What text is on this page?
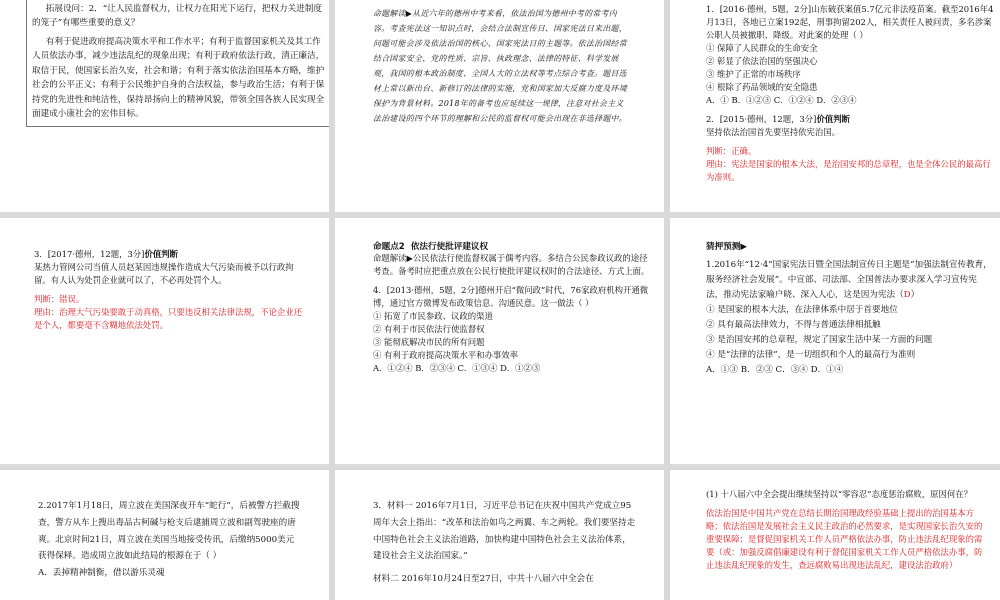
拓展设问：2．“让人民监督权力，让权力在阳光下运行，把权力关进制度的笼子”有哪些重要的意义？

有利于促进政府提高决策水平和工作水平；有利于监督国家机关及其工作人员依法办事，减少违法乱纪的现象出现；有利于政府依法行政，清正廉洁，取信于民，使国家长治久安，社会和谐；有利于落实依法治国基本方略，维护社会的公平正义；有利于公民维护自身的合法权益，参与政治生活；有利于保持党的先进性和纯洁性，保持昂扬向上的精神风貌，带领全国各族人民实现全面建成小康社会的宏伟目标。

命题解读▶从近六年的德州中考来看，依法治国为德州中考的常考内容。考查宪法这一知识点时，会结合法制宣传日、国家宪法日来出题，问题可能会涉及依法治国的核心、国家宪法日的主题等。依法治国经常结合国家安全、党的性质、宗旨、执政理念、法律的特征、科学发展观，我国的根本政治制度、全国人大的立法权等考点综合考查。题目选材上常以新出台、新修订的法律的实施，党和国家加大反腐力度及环境保护为背景材料。2018年的备考也应延续这一规律，注意对社会主义法治建设的四个环节的理解和公民的监督权可能会出现在非选择题中。

1．[2016·德州，5题，2分]山东破获案值5.7亿元非法疫苗案。截至2016年4月13日，各地已立案192起，刑事拘留202人，相关责任人被问责，多名涉案公职人员被撤职、降级。对此案的处理（ ）

① 保障了人民群众的生命安全

② 彰显了依法治国的坚强决心

③ 维护了正常的市场秩序

④ 根除了药品领域的安全隐患

A．① B．①②③ C．①②④ D．②③④

2．[2015·德州，12题，3分]价值判断

坚持依法治国首先要坚持依宪治国。

判断：正确。

理由：宪法是国家的根本大法，是治国安邦的总章程，也是全体公民的最高行为准则。

3．[2017·德州，12题，3分]价值判断

某热力管网公司当值人员赵某因违规操作造成大气污染而被予以行政拘留。有人认为处罚企业就可以了，不必再处罚个人。

判断：错误。

理由：治理大气污染要敢于动真格，只要违反相关法律法规，不论企业还是个人，都要毫不含糊地依法处罚。

命题点2 依法行使批评建议权

命题解读▶公民依法行使监督权属于偶考内容。多结合公民参政议政的途径考查。备考时应把重点放在公民行使批评建议权时的合法途径、方式上面。

4．[2013·德州，5题，2分]德州开启“微问政”时代，76家政府机构开通微博，通过官方微博发布政策信息、沟通民意。这一做法（ ）

① 拓宽了市民参政、议政的渠道

② 有利于市民依法行使监督权

③ 能彻底解决市民的所有问题

④ 有利于政府提高决策水平和办事效率

A．①②④ B．②③④ C．①③④ D．①②③

猜押预测▶

1.2016年“12·4”国家宪法日暨全国法制宣传日主题是“加强法制宣传教育，服务经济社会发展”。中宣部、司法部、全国普法办要求深入学习宣传宪法，推动宪法家喻户晓、深入人心，这是因为宪法（D）

① 是国家的根本大法，在法律体系中居于首要地位

② 具有最高法律效力，不得与普通法律相抵触

③ 是治国安邦的总章程，规定了国家生活中某一方面的问题

④ 是“法律的法律”，是一切组织和个人的最高行为准则

A．①③ B．②③ C．③④ D．①④

2.2017年1月18日，周立波在美国深夜开车“蛇行”，后被警方拦截搜查，警方从车上搜出毒品古柯碱与枪支后逮捕周立波和副驾驶座的唐爽。北京时间21日，周立波在美国当地接受传讯，后缴纳5000美元获得保释。造成周立波如此结局的根源在于（ ）

A．丢掉精神制衡，借以游乐灵魂

3．材料一 2016年7月1日，习近平总书记在庆祝中国共产党成立95周年大会上指出：“改革和法治如鸟之两翼、车之两轮。我们要坚持走中国特色社会主义法治道路，加快构建中国特色社会主义法治体系，建设社会主义法治国家。”

材料二 2016年10月24日至27日，中共十八届六中全会在

(1) 十八届六中全会提出继续坚持以“零容忍”态度惩治腐败，原因何在？

依法治国是中国共产党在总结长期治国理政经验基础上提出的治国基本方略；依法治国是发展社会主义民主政治的必然要求，是实现国家长治久安的重要保障；是督促国家机关工作人员严格依法办事，防止违法乱纪现象的需要（或：加强反腐倡廉建设有利于督促国家机关工作人员严格依法办事，防止违法乱纪现象的发生，查远腐败易出现违法乱纪，建设法治政府）
